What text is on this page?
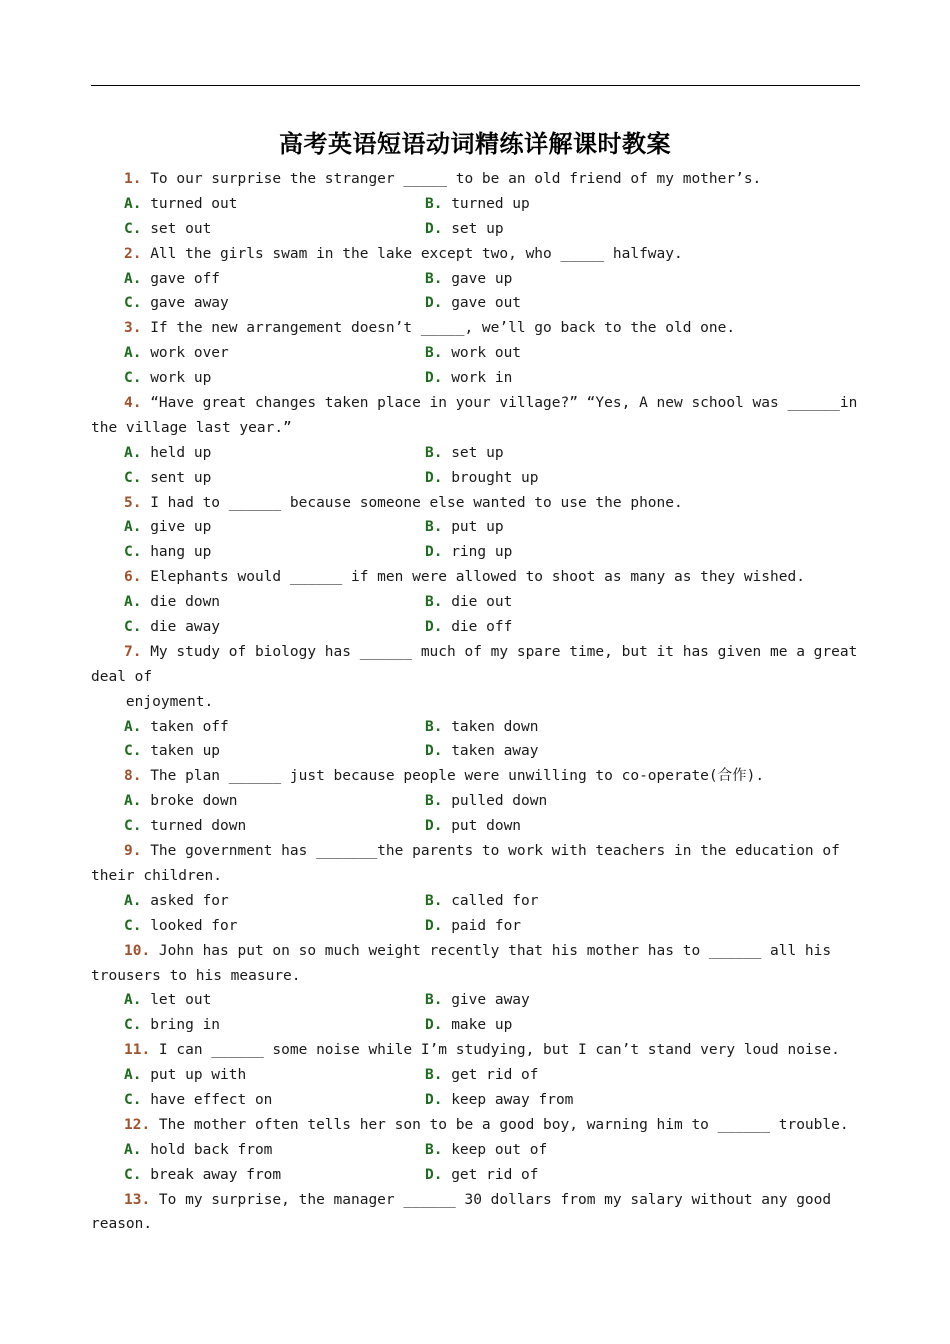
高考英语短语动词精练详解课时教案
1. To our surprise the stranger _____ to be an old friend of my mother’s.
A. turned out	B. turned up
C. set out	D. set up
2. All the girls swam in the lake except two, who _____ halfway.
A. gave off	B. gave up
C. gave away	D. gave out
3. If the new arrangement doesn’t _____, we’ll go back to the old one.
A. work over	B. work out
C. work up	D. work in
4. “Have great changes taken place in your village?” “Yes, A new school was ______in
the village last year.”
A. held up	B. set up
C. sent up	D. brought up
5. I had to ______ because someone else wanted to use the phone.
A. give up	B. put up
C. hang up	D. ring up
6. Elephants would ______ if men were allowed to shoot as many as they wished.
A. die down	B. die out
C. die away	D. die off
7. My study of biology has ______ much of my spare time, but it has given me a great
deal of
enjoyment.
A. taken off	B. taken down
C. taken up	D. taken away
8. The plan ______ just because people were unwilling to co-operate(合作).
A. broke down	B. pulled down
C. turned down	D. put down
9. The government has _______the parents to work with teachers in the education of
their children.
A. asked for	B. called for
C. looked for	D. paid for
10. John has put on so much weight recently that his mother has to ______ all his
trousers to his measure.
A. let out	B. give away
C. bring in	D. make up
11. I can ______ some noise while I’m studying, but I can’t stand very loud noise.
A. put up with	B. get rid of
C. have effect on	D. keep away from
12. The mother often tells her son to be a good boy, warning him to ______ trouble.
A. hold back from	B. keep out of
C. break away from	D. get rid of
13. To my surprise, the manager ______ 30 dollars from my salary without any good
reason.
